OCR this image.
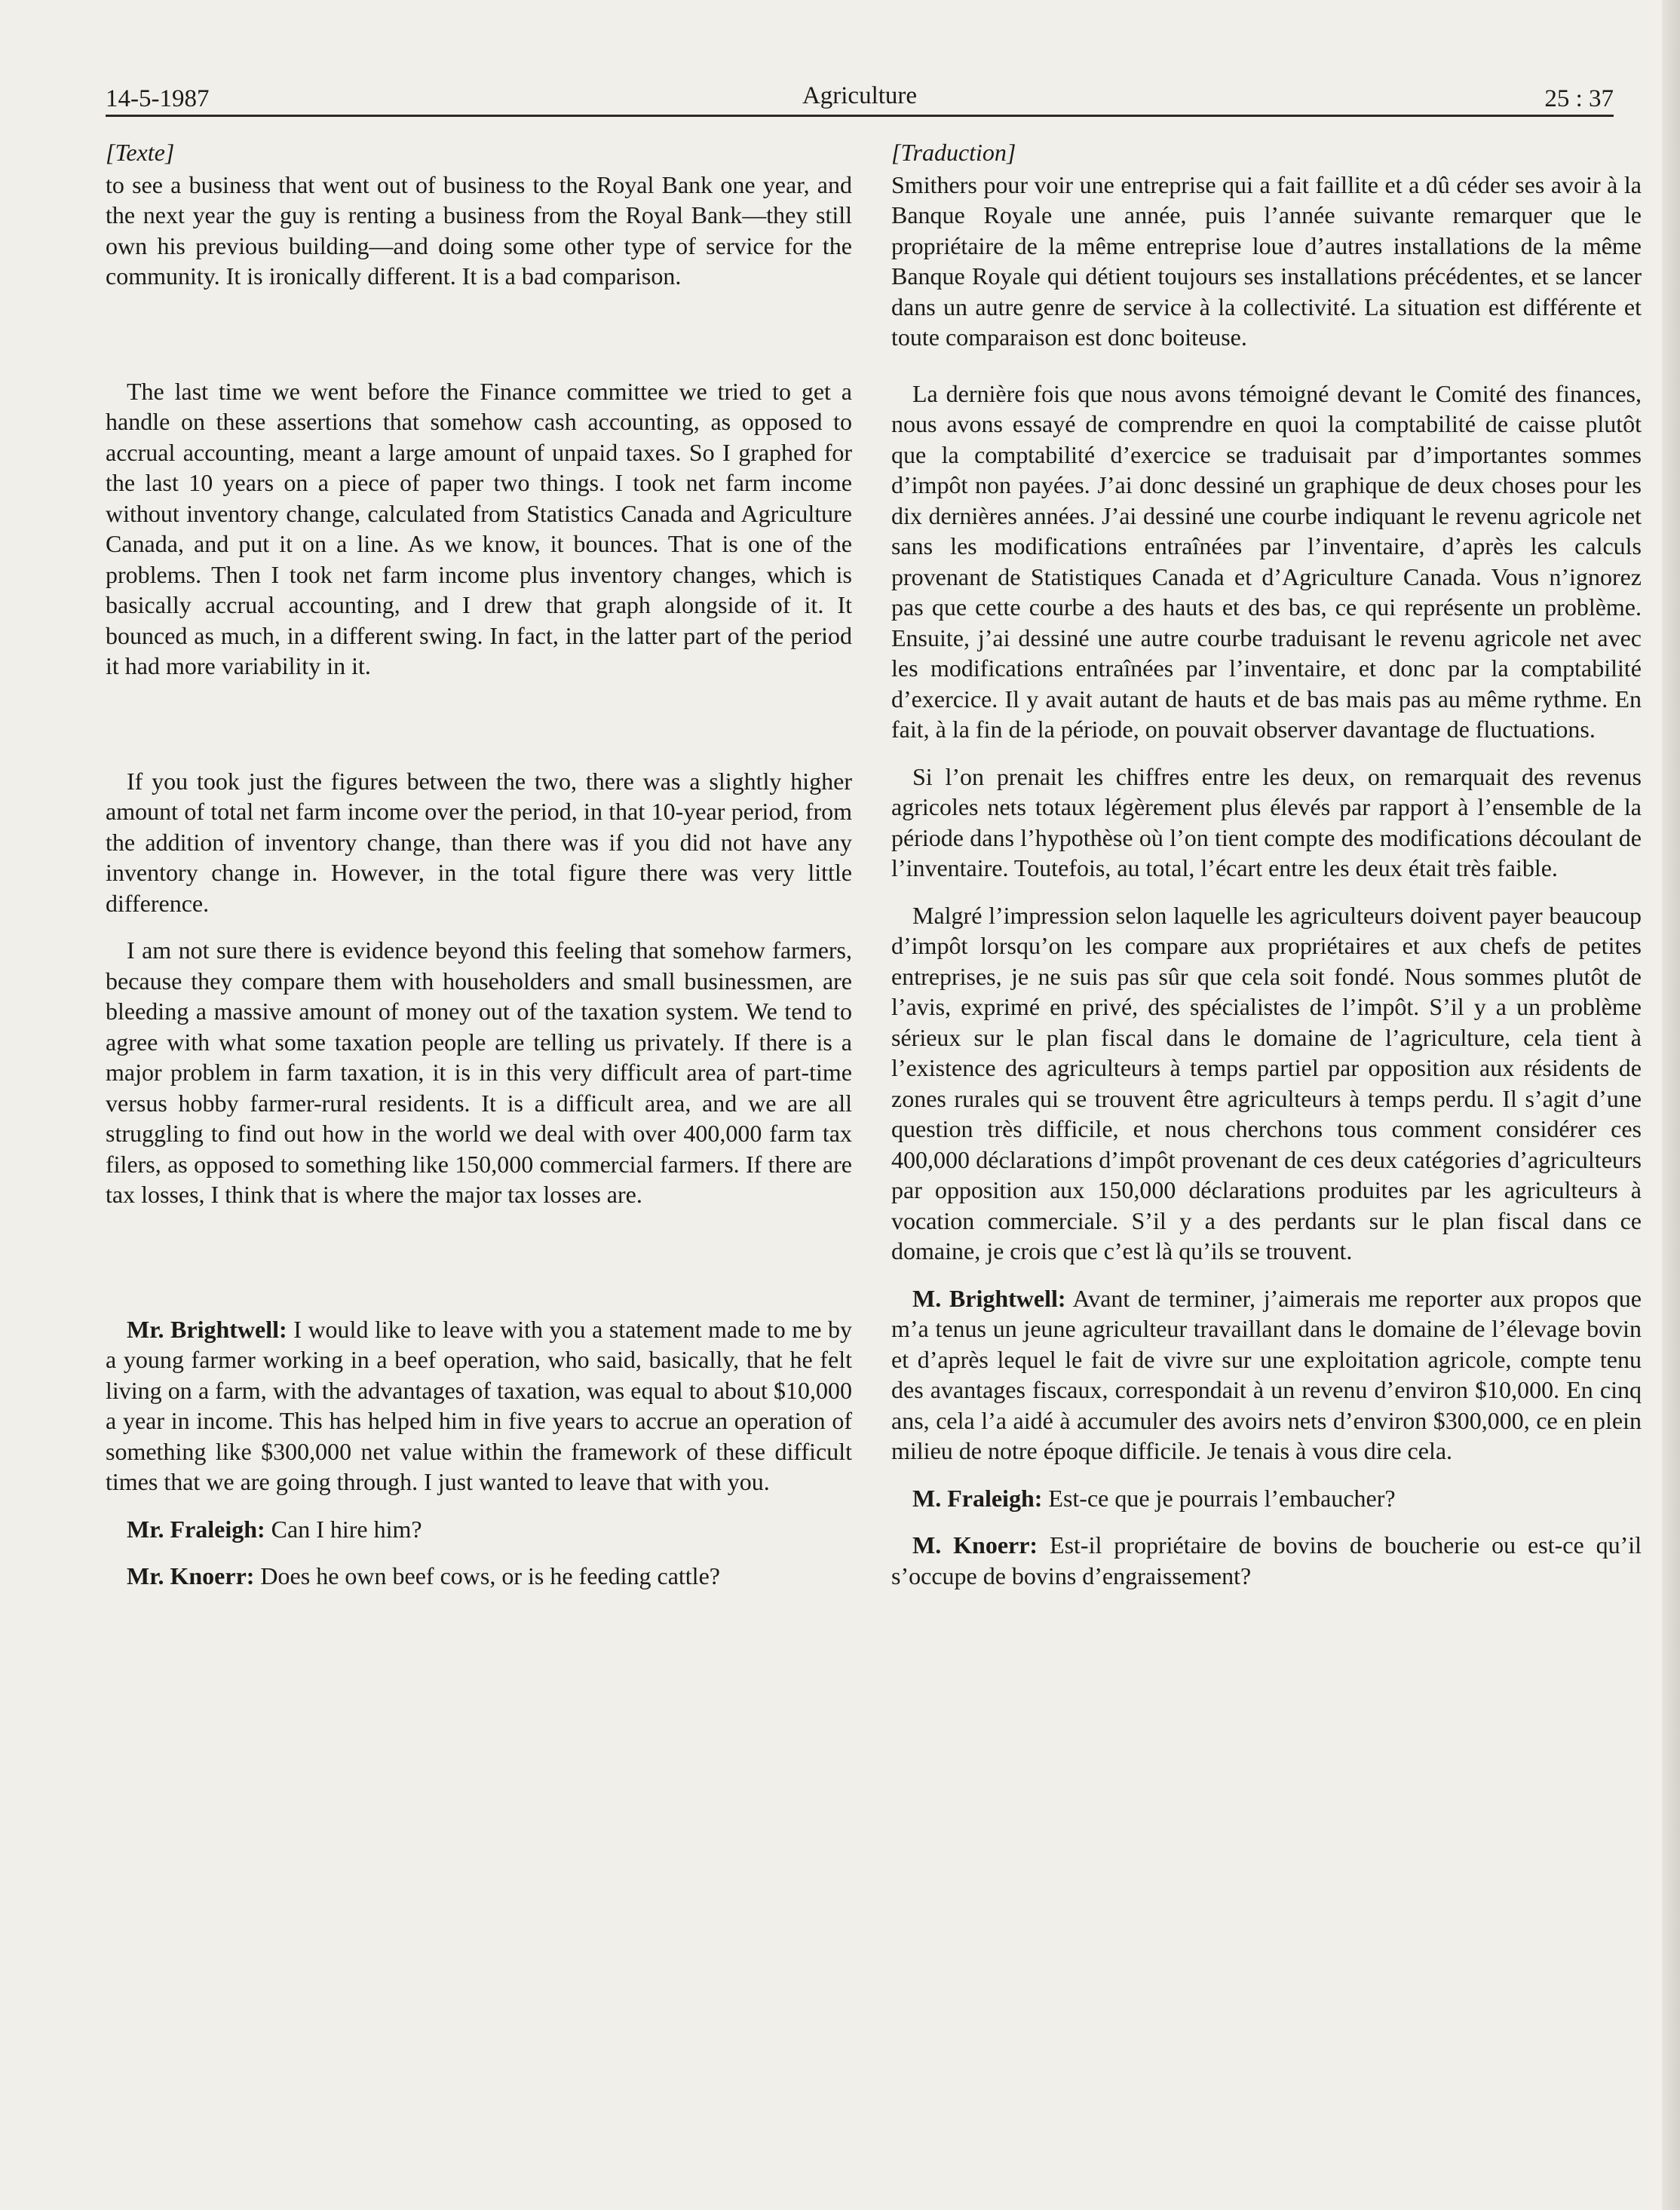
14-5-1987	Agriculture	25 : 37

[Texte]

to see a business that went out of business to the Royal Bank one year, and the next year the guy is renting a business from the Royal Bank—they still own his previous building—and doing some other type of service for the community. It is ironically different. It is a bad comparison.

The last time we went before the Finance committee we tried to get a handle on these assertions that somehow cash accounting, as opposed to accrual accounting, meant a large amount of unpaid taxes. So I graphed for the last 10 years on a piece of paper two things. I took net farm income without inventory change, calculated from Statistics Canada and Agriculture Canada, and put it on a line. As we know, it bounces. That is one of the problems. Then I took net farm income plus inventory changes, which is basically accrual accounting, and I drew that graph alongside of it. It bounced as much, in a different swing. In fact, in the latter part of the period it had more variability in it.

If you took just the figures between the two, there was a slightly higher amount of total net farm income over the period, in that 10-year period, from the addition of inventory change, than there was if you did not have any inventory change in. However, in the total figure there was very little difference.

I am not sure there is evidence beyond this feeling that somehow farmers, because they compare them with householders and small businessmen, are bleeding a massive amount of money out of the taxation system. We tend to agree with what some taxation people are telling us privately. If there is a major problem in farm taxation, it is in this very difficult area of part-time versus hobby farmer-rural residents. It is a difficult area, and we are all struggling to find out how in the world we deal with over 400,000 farm tax filers, as opposed to something like 150,000 commercial farmers. If there are tax losses, I think that is where the major tax losses are.

Mr. Brightwell: I would like to leave with you a statement made to me by a young farmer working in a beef operation, who said, basically, that he felt living on a farm, with the advantages of taxation, was equal to about $10,000 a year in income. This has helped him in five years to accrue an operation of something like $300,000 net value within the framework of these difficult times that we are going through. I just wanted to leave that with you.

Mr. Fraleigh: Can I hire him?

Mr. Knoerr: Does he own beef cows, or is he feeding cattle?

[Traduction]

Smithers pour voir une entreprise qui a fait faillite et a dû céder ses avoir à la Banque Royale une année, puis l’année suivante remarquer que le propriétaire de la même entreprise loue d’autres installations de la même Banque Royale qui détient toujours ses installations précédentes, et se lancer dans un autre genre de service à la collectivité. La situation est différente et toute comparaison est donc boiteuse.

La dernière fois que nous avons témoigné devant le Comité des finances, nous avons essayé de comprendre en quoi la comptabilité de caisse plutôt que la comptabilité d’exercice se traduisait par d’importantes sommes d’impôt non payées. J’ai donc dessiné un graphique de deux choses pour les dix dernières années. J’ai dessiné une courbe indiquant le revenu agricole net sans les modifications entraînées par l’inventaire, d’après les calculs provenant de Statistiques Canada et d’Agriculture Canada. Vous n’ignorez pas que cette courbe a des hauts et des bas, ce qui représente un problème. Ensuite, j’ai dessiné une autre courbe traduisant le revenu agricole net avec les modifications entraînées par l’inventaire, et donc par la comptabilité d’exercice. Il y avait autant de hauts et de bas mais pas au même rythme. En fait, à la fin de la période, on pouvait observer davantage de fluctuations.

Si l’on prenait les chiffres entre les deux, on remarquait des revenus agricoles nets totaux légèrement plus élevés par rapport à l’ensemble de la période dans l’hypothèse où l’on tient compte des modifications découlant de l’inventaire. Toutefois, au total, l’écart entre les deux était très faible.

Malgré l’impression selon laquelle les agriculteurs doivent payer beaucoup d’impôt lorsqu’on les compare aux propriétaires et aux chefs de petites entreprises, je ne suis pas sûr que cela soit fondé. Nous sommes plutôt de l’avis, exprimé en privé, des spécialistes de l’impôt. S’il y a un problème sérieux sur le plan fiscal dans le domaine de l’agriculture, cela tient à l’existence des agriculteurs à temps partiel par opposition aux résidents de zones rurales qui se trouvent être agriculteurs à temps perdu. Il s’agit d’une question très difficile, et nous cherchons tous comment considérer ces 400,000 déclarations d’impôt provenant de ces deux catégories d’agriculteurs par opposition aux 150,000 déclarations produites par les agriculteurs à vocation commerciale. S’il y a des perdants sur le plan fiscal dans ce domaine, je crois que c’est là qu’ils se trouvent.

M. Brightwell: Avant de terminer, j’aimerais me reporter aux propos que m’a tenus un jeune agriculteur travaillant dans le domaine de l’élevage bovin et d’après lequel le fait de vivre sur une exploitation agricole, compte tenu des avantages fiscaux, correspondait à un revenu d’environ $10,000. En cinq ans, cela l’a aidé à accumuler des avoirs nets d’environ $300,000, ce en plein milieu de notre époque difficile. Je tenais à vous dire cela.

M. Fraleigh: Est-ce que je pourrais l’embaucher?

M. Knoerr: Est-il propriétaire de bovins de boucherie ou est-ce qu’il s’occupe de bovins d’engraissement?
